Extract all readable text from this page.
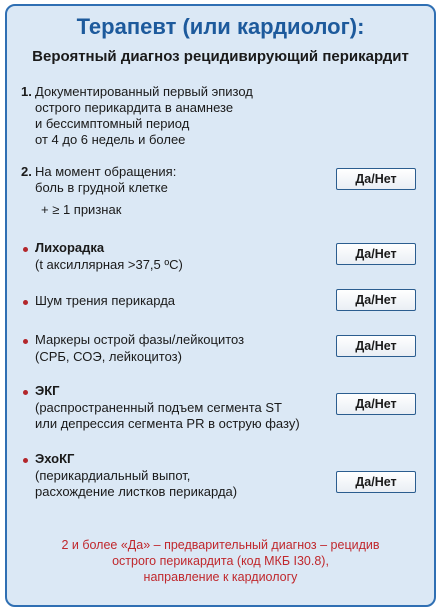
Терапевт (или кардиолог):
Вероятный диагноз рецидивирующий перикардит
1. Документированный первый эпизод
острого перикардита в анамнезе
и бессимптомный период
от 4 до 6 недель и более
2. На момент обращения:
боль в грудной клетке
+ ≥ 1 признак
Да/Нет
Лихорадка
(t аксиллярная >37,5 ºС)
Да/Нет
Шум трения перикарда	Да/Нет
Маркеры острой фазы/лейкоцитоз
(СРБ, СОЭ, лейкоцитоз)
Да/Нет
ЭКГ
(распространенный подъем сегмента ST
или депрессия сегмента PR в острую фазу)
Да/Нет
ЭхоКГ
(перикардиальный выпот,
расхождение листков перикарда)
Да/Нет
2 и более «Да» – предварительный диагноз – рецидив
острого перикардита (код МКБ I30.8),
направление к кардиологу
